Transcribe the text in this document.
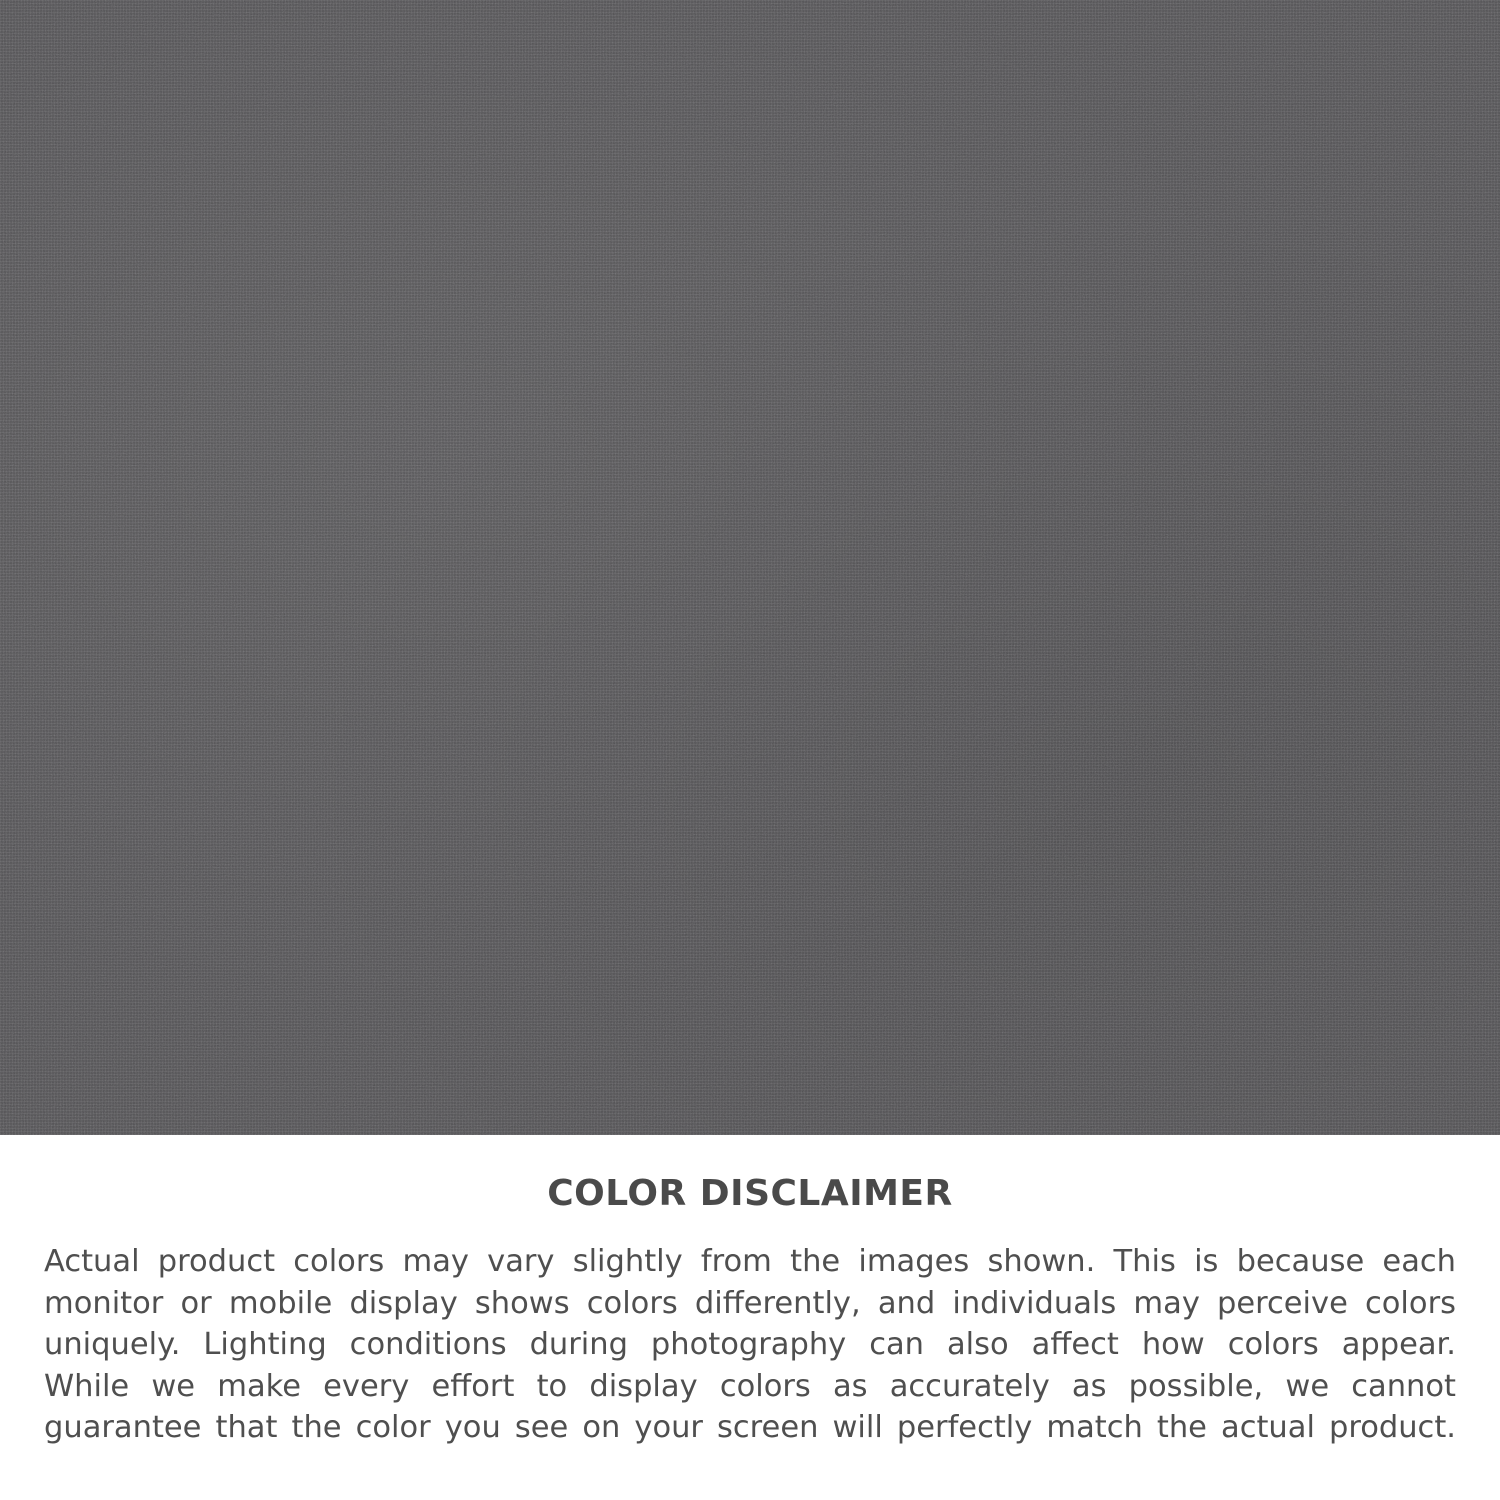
COLOR DISCLAIMER
Actual product colors may vary slightly from the images shown. This is because each
monitor or mobile display shows colors differently, and individuals may perceive colors
uniquely. Lighting conditions during photography can also affect how colors appear.
While we make every effort to display colors as accurately as possible, we cannot
guarantee that the color you see on your screen will perfectly match the actual product.
